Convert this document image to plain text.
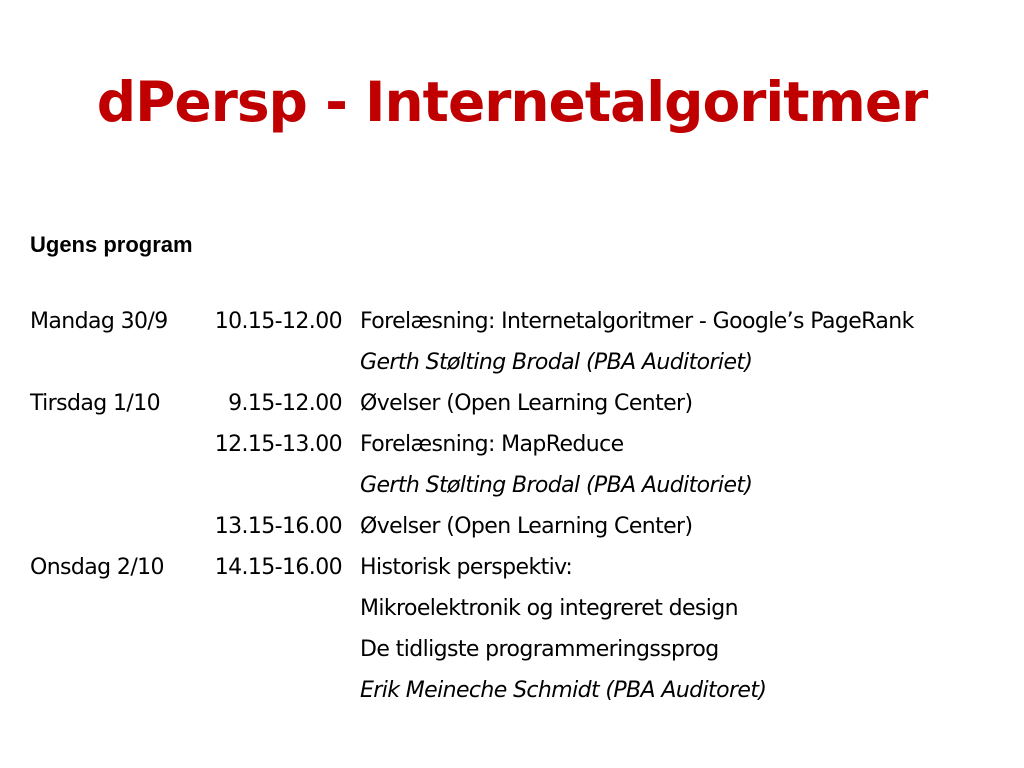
dPersp - Internetalgoritmer
Ugens program
Mandag 30/9	10.15-12.00 Forelæsning: Internetalgoritmer - Google’s PageRank
Gerth Stølting Brodal (PBA Auditoriet)
Tirsdag 1/10	9.15-12.00 Øvelser (Open Learning Center)
12.15-13.00 Forelæsning: MapReduce
Gerth Stølting Brodal (PBA Auditoriet)
13.15-16.00 Øvelser (Open Learning Center)
Onsdag 2/10	14.15-16.00 Historisk perspektiv:
Mikroelektronik og integreret design
De tidligste programmeringssprog
Erik Meineche Schmidt (PBA Auditoret)
